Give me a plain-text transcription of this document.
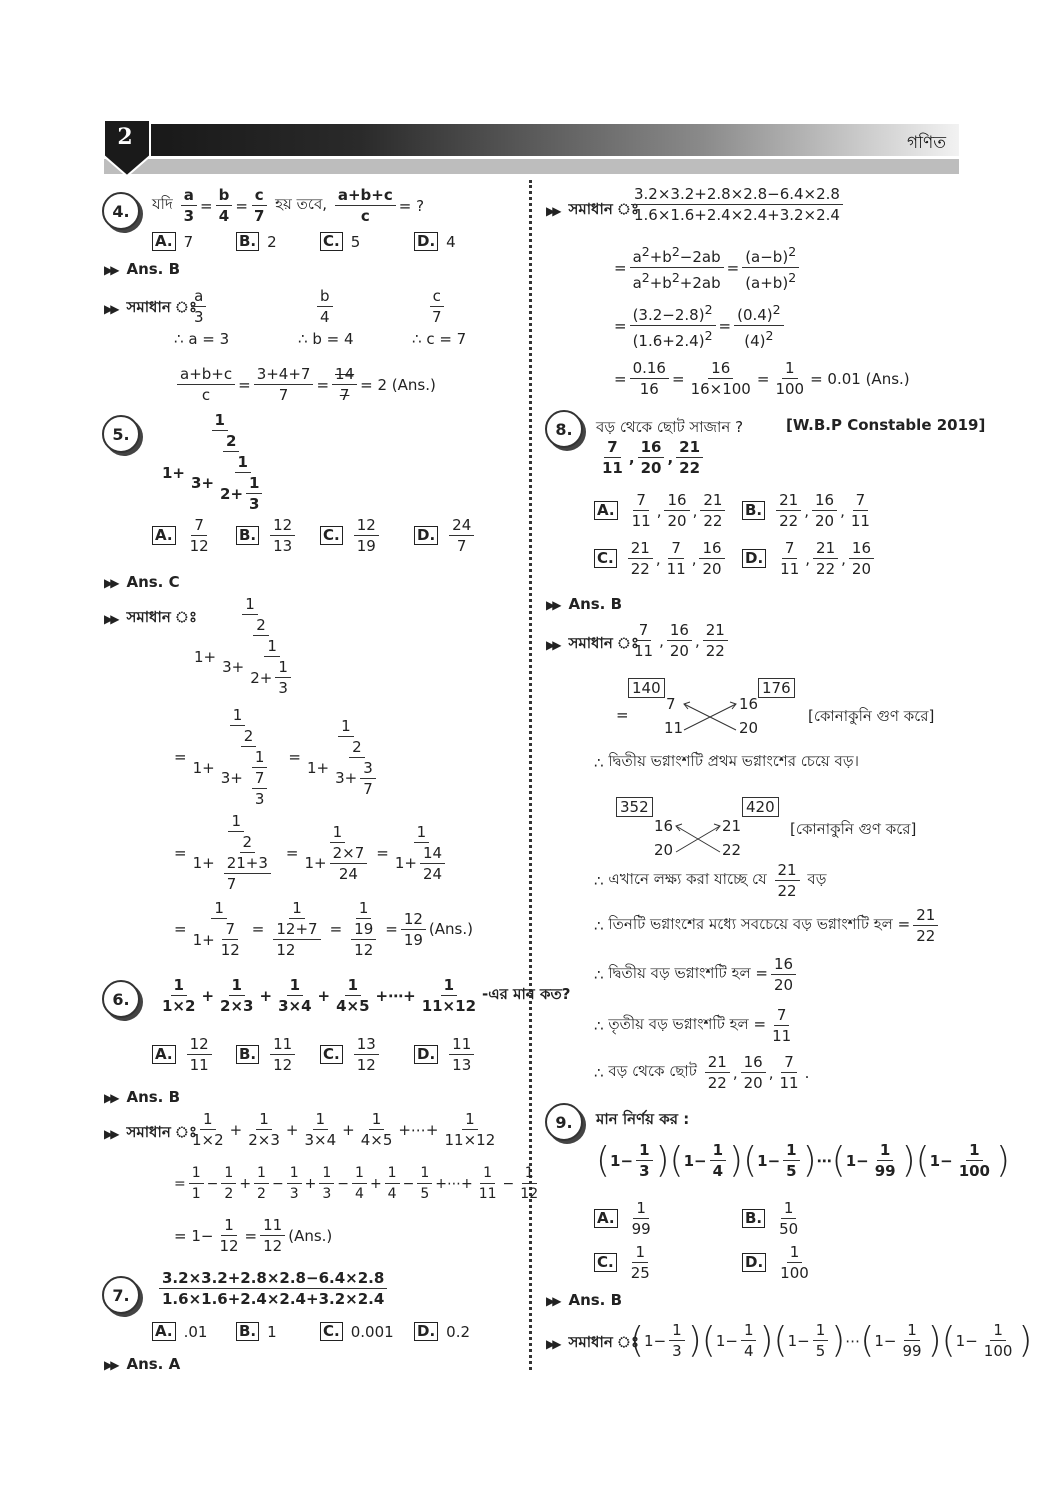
2	গণিত
4.	যদি
$\frac{a}{3} = \frac{b}{4} = \frac{c}{7}$
হয় তবে,
$\frac{a+b+c}{c}$ = ?
A. 7	B. 2	C. 5	D. 4
▶▶ Ans. B
▶▶ সমাধান ঃ
$\frac{a}{3}$	$\frac{b}{4}$	$\frac{c}{7}$
∴
a = 3	∴
b = 4	∴
c = 7
$\frac{a+b+c}{c} = \frac{3+4+7}{7} = \frac{14}{7} = 2$ (Ans.)
5.	$\frac{1}{1+ \frac{2}{3+ \frac{1}{2+ \frac{1}{3}}}}$
A. $\frac{7}{12} B$. $\frac{12}{13} C$. $\frac{12}{19}$	D. $\frac{24}{7}$
▶▶ Ans. C
▶▶ সমাধান ঃ
$\frac{1}{1+ \frac{2}{3+ \frac{1}{2+ \frac{1}{3}}}}$
= $\frac{1}{1+ \frac{2}{3+ \frac{1}{\frac{7}{3}}}} = \frac{1}{1+ \frac{2}{3+ \frac{3}{7}}}$
= $\frac{1}{1+ \frac{2}{\frac{21+3}{7}}} = \frac{1}{1+ \frac{2\times 7}{24}} = \frac{1}{1+ \frac{14}{24}}$
= $\frac{1}{1+ \frac{7}{12}} = \frac{1}{\frac{12+7}{12}} = \frac{1}{\frac{19}{12}} = \frac{12}{19} (Ans.)$
6.	$\frac{1}{1\times 2} + \frac{1}{2\times 3} + \frac{1}{3\times 4} + \frac{1}{4\times 5}$ +⋯+ $\frac{1}{11\times 12}$ -এর মান কত?
A. $\frac{12}{11} B$. $\frac{11}{12} C$. $\frac{13}{12}$	D. $\frac{11}{13}$
▶▶ Ans. B
▶▶ সমাধান ঃ
$\frac{1}{1\times 2} + \frac{1}{2\times 3} + \frac{1}{3\times 4} + \frac{1}{4\times 5}$ +⋯+ $\frac{1}{11\times 12}$
= $\frac{1}{1} - \frac{1}{2} + \frac{1}{2} - \frac{1}{3} + \frac{1}{3} - \frac{1}{4} + \frac{1}{4} - \frac{1}{5}$ +⋯+ $\frac{1}{11} - \frac{1}{12}$
= $1- \frac{1}{12} = \frac{11}{12} (Ans.)$
7.	$\frac{3.2\times 3.2+2.8\times 2.8-6.4\times 2.8}{1.6\times 1.6+2.4\times 2.4+3.2\times 2.4}$
A. .01 B. 1	C. 0.001 D. 0.2
▶▶ Ans. A
▶▶ সমাধান ঃ
$\frac{3.2\times 3.2+2.8\times 2.8-6.4\times 2.8}{1.6\times 1.6+2.4\times 2.4+3.2\times 2.4}$
= $\frac{a^2+b^2-2ab}{a^2+b^2+2ab} = \frac{(a-b)^2}{(a+b)^2}$
= $\frac{(3.2-2.8)^2}{(1.6+2.4)^2} = \frac{(0.4)^2}{(4)^2}$
= $\frac{0.16}{16} = \frac{16}{16\times 100} = \frac{1}{100} = 0.01$ (Ans.)
8.	বড় থেকে ছোট সাজান ?	[W.B.P Constable 2019]
$\frac{7}{11}$ , $\frac{16}{20}$ , $\frac{21}{22}$
A. $\frac{7}{11}$ , $\frac{16}{20}$ , $\frac{21}{22} B$. $\frac{21}{22}$ , $\frac{16}{20}$ , $\frac{7}{11}$
C. $\frac{21}{22}$ , $\frac{7}{11}$ , $\frac{16}{20} D$. $\frac{7}{11}$ , $\frac{21}{22}$ , $\frac{16}{20}$
▶▶ Ans. B
▶▶ সমাধান ঃ
$\frac{7}{11}$ , $\frac{16}{20}$ , $\frac{21}{22}$
140	176
=
7
11
16
20
[কোনাকুনি গুণ করে]
∴
দ্বিতীয় ভগ্নাংশটি প্রথম ভগ্নাংশের চেয়ে বড়।
352	420
16
20
21
22
[কোনাকুনি গুণ করে]
∴
এখানে লক্ষ্য করা যাচ্ছে যে
$\frac{21}{22}$
বড়
∴
তিনটি ভগ্নাংশের মধ্যে সবচেয়ে বড় ভগ্নাংশটি হল = $\frac{21}{22}$
∴
দ্বিতীয় বড় ভগ্নাংশটি হল = $\frac{16}{20}$
∴
তৃতীয় বড় ভগ্নাংশটি হল = $\frac{7}{11}$
∴
বড় থেকে ছোট
$\frac{21}{22}$ , $\frac{16}{20}$ , $\frac{7}{11}$ .
9.	মান নির্ণয় কর :
( $1- \frac{1}{3}$ )( $1- \frac{1}{4}$ )( $1- \frac{1}{5}$ ) ⋯ ( $1- \frac{1}{99}$ )( $1- \frac{1}{100}$ )
A. $\frac{1}{99}$	B. $\frac{1}{50}$
C. $\frac{1}{25}$	D. $\frac{1}{100}$
▶▶ Ans. B
▶▶ সমাধান ঃ
( $1- \frac{1}{3}$ )( $1- \frac{1}{4}$ )( $1- \frac{1}{5}$ ) ⋯ ( $1- \frac{1}{99}$ )( $1- \frac{1}{100}$ )
